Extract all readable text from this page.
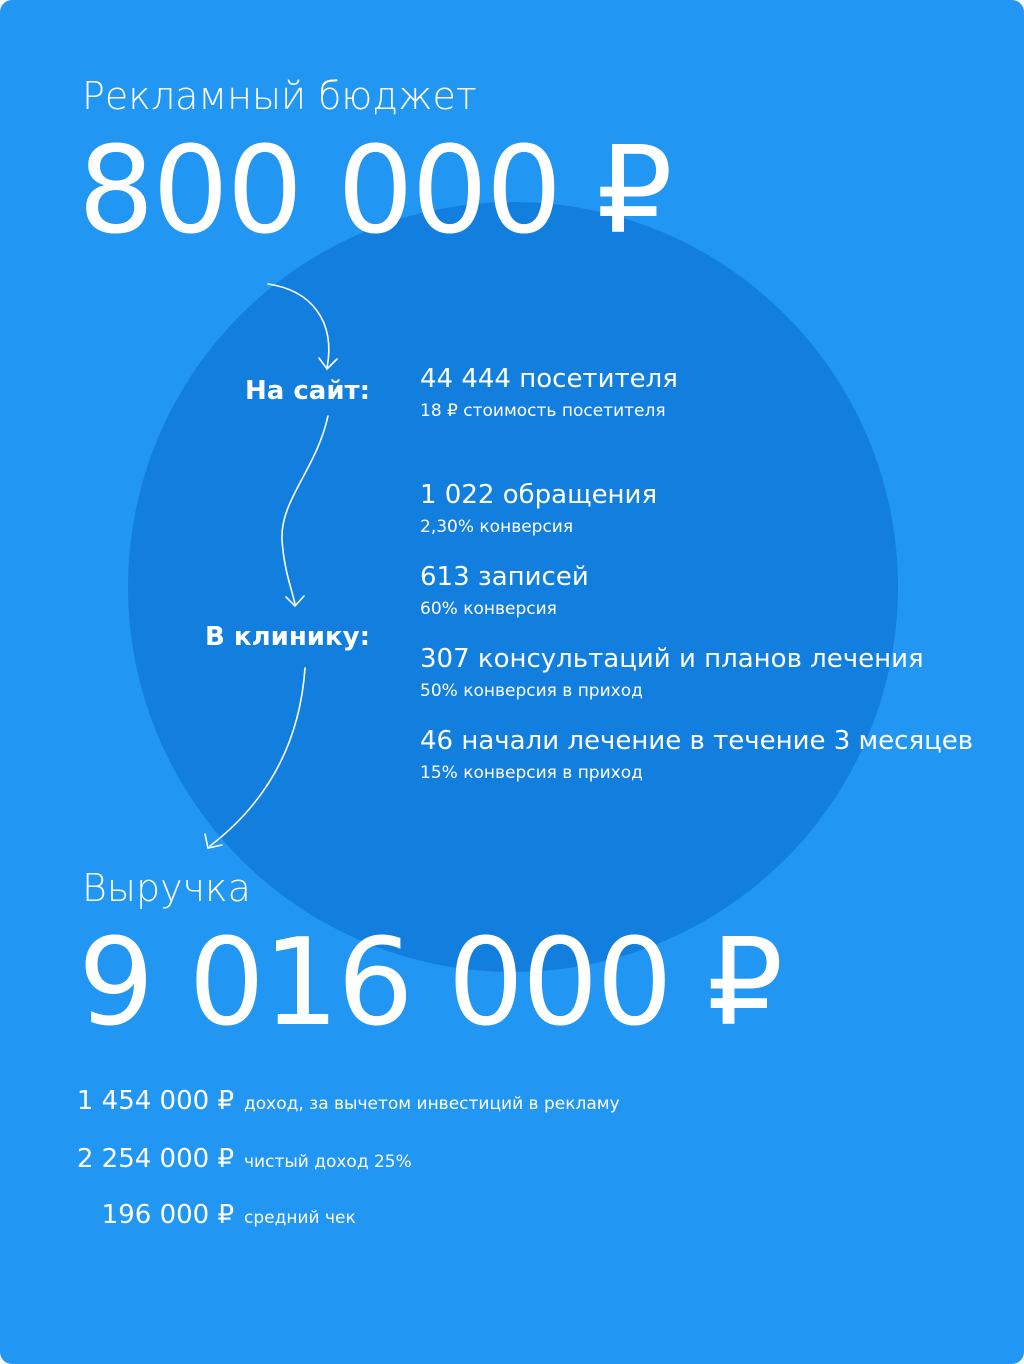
Рекламный бюджет
800 000 ₽
На сайт:
В клинику:
44 444 посетителя
18 ₽ стоимость посетителя
1 022 обращения
2,30% конверсия
613 записей
60% конверсия
307 консультаций и планов лечения
50% конверсия в приход
46 начали лечение в течение 3 месяцев
15% конверсия в приход
Выручка
9 016 000 ₽
1 454 000 ₽ доход, за вычетом инвестиций в рекламу
2 254 000 ₽ чистый доход 25%
196 000 ₽ средний чек
